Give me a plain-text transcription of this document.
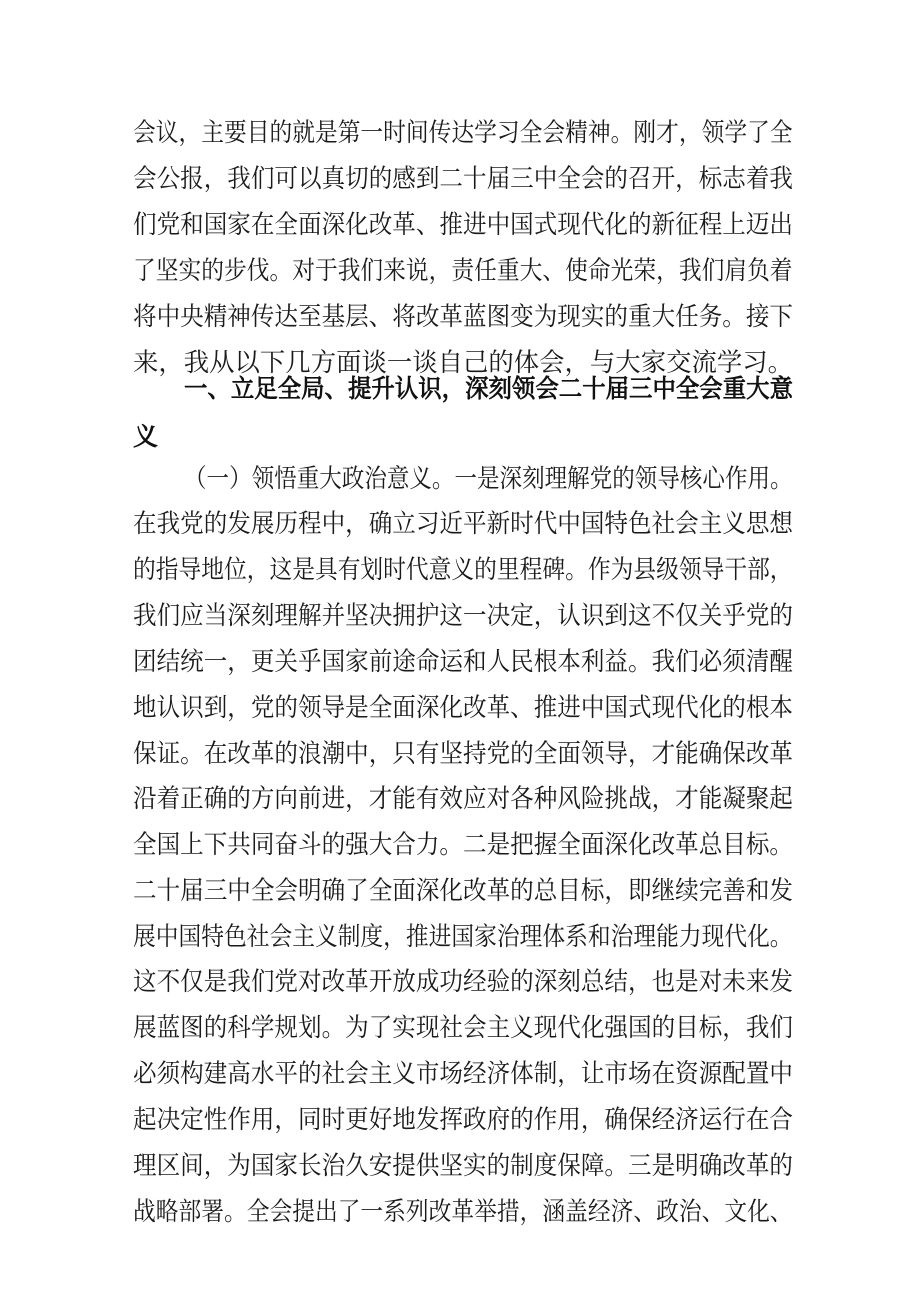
会议，主要目的就是第一时间传达学习全会精神。刚才，领学了全
会公报，我们可以真切的感到二十届三中全会的召开，标志着我
们党和国家在全面深化改革、推进中国式现代化的新征程上迈出
了坚实的步伐。对于我们来说，责任重大、使命光荣，我们肩负着
将中央精神传达至基层、将改革蓝图变为现实的重大任务。接下
来，我从以下几方面谈一谈自己的体会，与大家交流学习。
一、立足全局、提升认识，深刻领会二十届三中全会重大意
义
（一）领悟重大政治意义。一是深刻理解党的领导核心作用。
在我党的发展历程中，确立习近平新时代中国特色社会主义思想
的指导地位，这是具有划时代意义的里程碑。作为县级领导干部，
我们应当深刻理解并坚决拥护这一决定，认识到这不仅关乎党的
团结统一，更关乎国家前途命运和人民根本利益。我们必须清醒
地认识到，党的领导是全面深化改革、推进中国式现代化的根本
保证。在改革的浪潮中，只有坚持党的全面领导，才能确保改革
沿着正确的方向前进，才能有效应对各种风险挑战，才能凝聚起
全国上下共同奋斗的强大合力。二是把握全面深化改革总目标。
二十届三中全会明确了全面深化改革的总目标，即继续完善和发
展中国特色社会主义制度，推进国家治理体系和治理能力现代化。
这不仅是我们党对改革开放成功经验的深刻总结，也是对未来发
展蓝图的科学规划。为了实现社会主义现代化强国的目标，我们
必须构建高水平的社会主义市场经济体制，让市场在资源配置中
起决定性作用，同时更好地发挥政府的作用，确保经济运行在合
理区间，为国家长治久安提供坚实的制度保障。三是明确改革的
战略部署。全会提出了一系列改革举措，涵盖经济、政治、文化、
